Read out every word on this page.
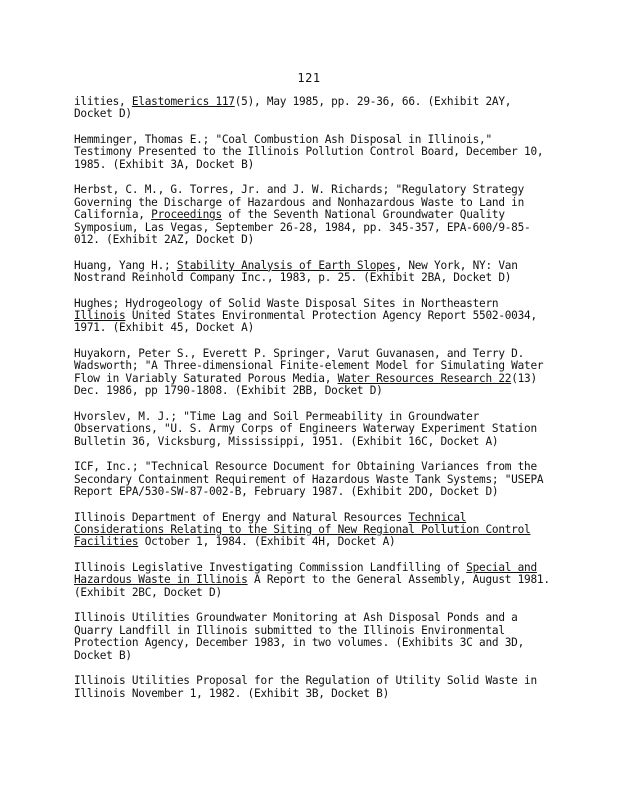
121
ilities, Elastomerics 117(5), May 1985, pp. 29-36, 66. (Exhibit 2AY, Docket D)
Hemminger, Thomas E.; "Coal Combustion Ash Disposal in Illinois," Testimony Presented to the Illinois Pollution Control Board, December 10, 1985. (Exhibit 3A, Docket B)
Herbst, C. M., G. Torres, Jr. and J. W. Richards; "Regulatory Strategy Governing the Discharge of Hazardous and Nonhazardous Waste to Land in California, Proceedings of the Seventh National Groundwater Quality Symposium, Las Vegas, September 26-28, 1984, pp. 345-357, EPA-600/9-85-012. (Exhibit 2AZ, Docket D)
Huang, Yang H.; Stability Analysis of Earth Slopes, New York, NY: Van Nostrand Reinhold Company Inc., 1983, p. 25. (Exhibit 2BA, Docket D)
Hughes; Hydrogeology of Solid Waste Disposal Sites in Northeastern Illinois United States Environmental Protection Agency Report 5502-0034, 1971. (Exhibit 45, Docket A)
Huyakorn, Peter S., Everett P. Springer, Varut Guvanasen, and Terry D. Wadsworth; "A Three-dimensional Finite-element Model for Simulating Water Flow in Variably Saturated Porous Media, Water Resources Research 22(13) Dec. 1986, pp 1790-1808. (Exhibit 2BB, Docket D)
Hvorslev, M. J.; "Time Lag and Soil Permeability in Groundwater Observations, "U. S. Army Corps of Engineers Waterway Experiment Station Bulletin 36, Vicksburg, Mississippi, 1951. (Exhibit 16C, Docket A)
ICF, Inc.; "Technical Resource Document for Obtaining Variances from the Secondary Containment Requirement of Hazardous Waste Tank Systems; "USEPA Report EPA/530-SW-87-002-B, February 1987. (Exhibit 2DO, Docket D)
Illinois Department of Energy and Natural Resources Technical Considerations Relating to the Siting of New Regional Pollution Control Facilities October 1, 1984. (Exhibit 4H, Docket A)
Illinois Legislative Investigating Commission Landfilling of Special and Hazardous Waste in Illinois A Report to the General Assembly, August 1981. (Exhibit 2BC, Docket D)
Illinois Utilities Groundwater Monitoring at Ash Disposal Ponds and a Quarry Landfill in Illinois submitted to the Illinois Environmental Protection Agency, December 1983, in two volumes. (Exhibits 3C and 3D, Docket B)
Illinois Utilities Proposal for the Regulation of Utility Solid Waste in Illinois November 1, 1982. (Exhibit 3B, Docket B)
